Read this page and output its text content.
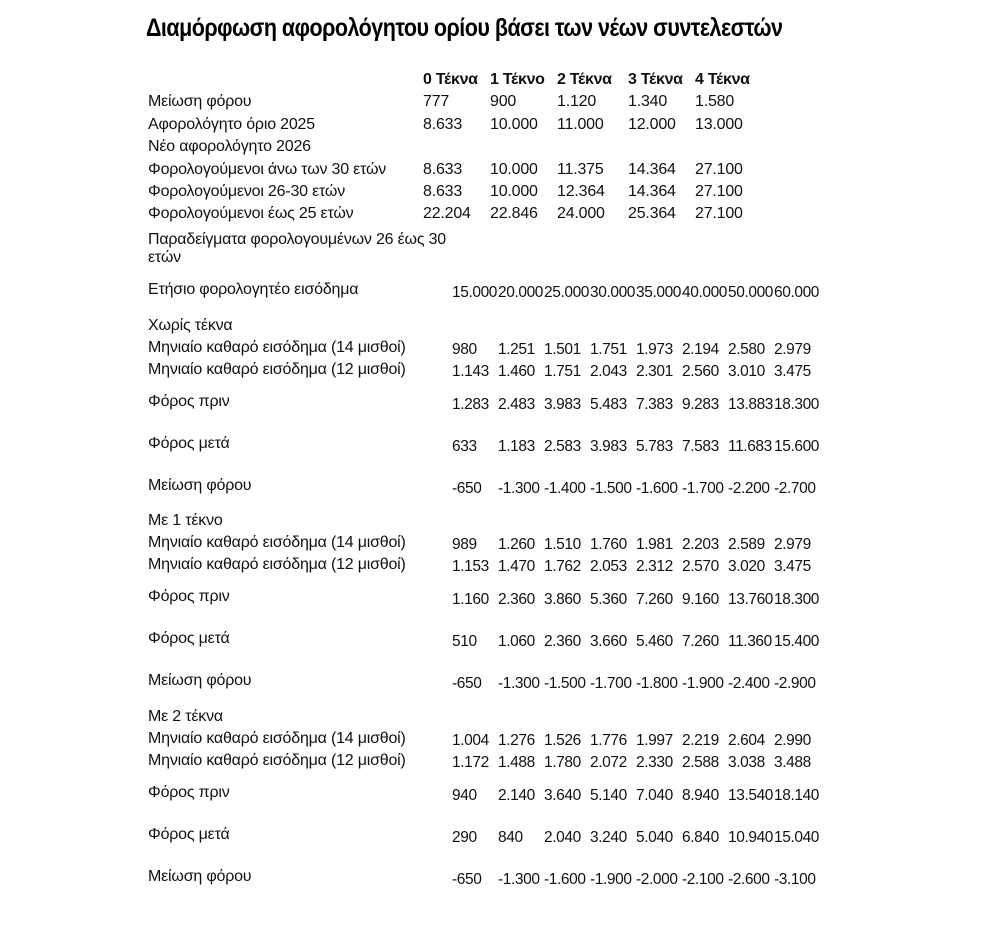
Διαμόρφωση αφορολόγητου ορίου βάσει των νέων συντελεστών
0 Τέκνα 1 Τέκνο 2 Τέκνα 3 Τέκνα 4 Τέκνα
Μείωση φόρου	777	900	1.120 1.340 1.580
Αφορολόγητο όριο 2025	8.633 10.000 11.000 12.000 13.000
Νέο αφορολόγητο 2026
Φορολογούμενοι άνω των 30 ετών 8.633 10.000 11.375 14.364 27.100
Φορολογούμενοι 26-30 ετών	8.633 10.000 12.364 14.364 27.100
Φορολογούμενοι έως 25 ετών	22.204 22.846 24.000 25.364 27.100
Παραδείγματα φορολογουμένων 26 έως 30 ετών
Ετήσιο φορολογητέο εισόδημα	15.000 20.000 25.000 30.000 35.000 40.000 50.000 60.000
Χωρίς τέκνα
Μηνιαίο καθαρό εισόδημα (14 μισθοί)	980	1.251 1.501 1.751 1.973 2.194 2.580 2.979
Μηνιαίο καθαρό εισόδημα (12 μισθοί)	1.143 1.460 1.751 2.043 2.301 2.560 3.010 3.475
Φόρος πριν	1.283 2.483 3.983 5.483 7.383 9.283 13.883 18.300
Φόρος μετά	633	1.183 2.583 3.983 5.783 7.583 11.683 15.600
Μείωση φόρου	-650	-1.300 -1.400 -1.500 -1.600 -1.700 -2.200 -2.700
Με 1 τέκνο
Μηνιαίο καθαρό εισόδημα (14 μισθοί)	989	1.260 1.510 1.760 1.981 2.203 2.589 2.979
Μηνιαίο καθαρό εισόδημα (12 μισθοί)	1.153 1.470 1.762 2.053 2.312 2.570 3.020 3.475
Φόρος πριν	1.160 2.360 3.860 5.360 7.260 9.160 13.760 18.300
Φόρος μετά	510	1.060 2.360 3.660 5.460 7.260 11.360 15.400
Μείωση φόρου	-650	-1.300 -1.500 -1.700 -1.800 -1.900 -2.400 -2.900
Με 2 τέκνα
Μηνιαίο καθαρό εισόδημα (14 μισθοί)	1.004 1.276 1.526 1.776 1.997 2.219 2.604 2.990
Μηνιαίο καθαρό εισόδημα (12 μισθοί)	1.172 1.488 1.780 2.072 2.330 2.588 3.038 3.488
Φόρος πριν	940	2.140 3.640 5.140 7.040 8.940 13.540 18.140
Φόρος μετά	290	840	2.040 3.240 5.040 6.840 10.940 15.040
Μείωση φόρου	-650	-1.300 -1.600 -1.900 -2.000 -2.100 -2.600 -3.100
